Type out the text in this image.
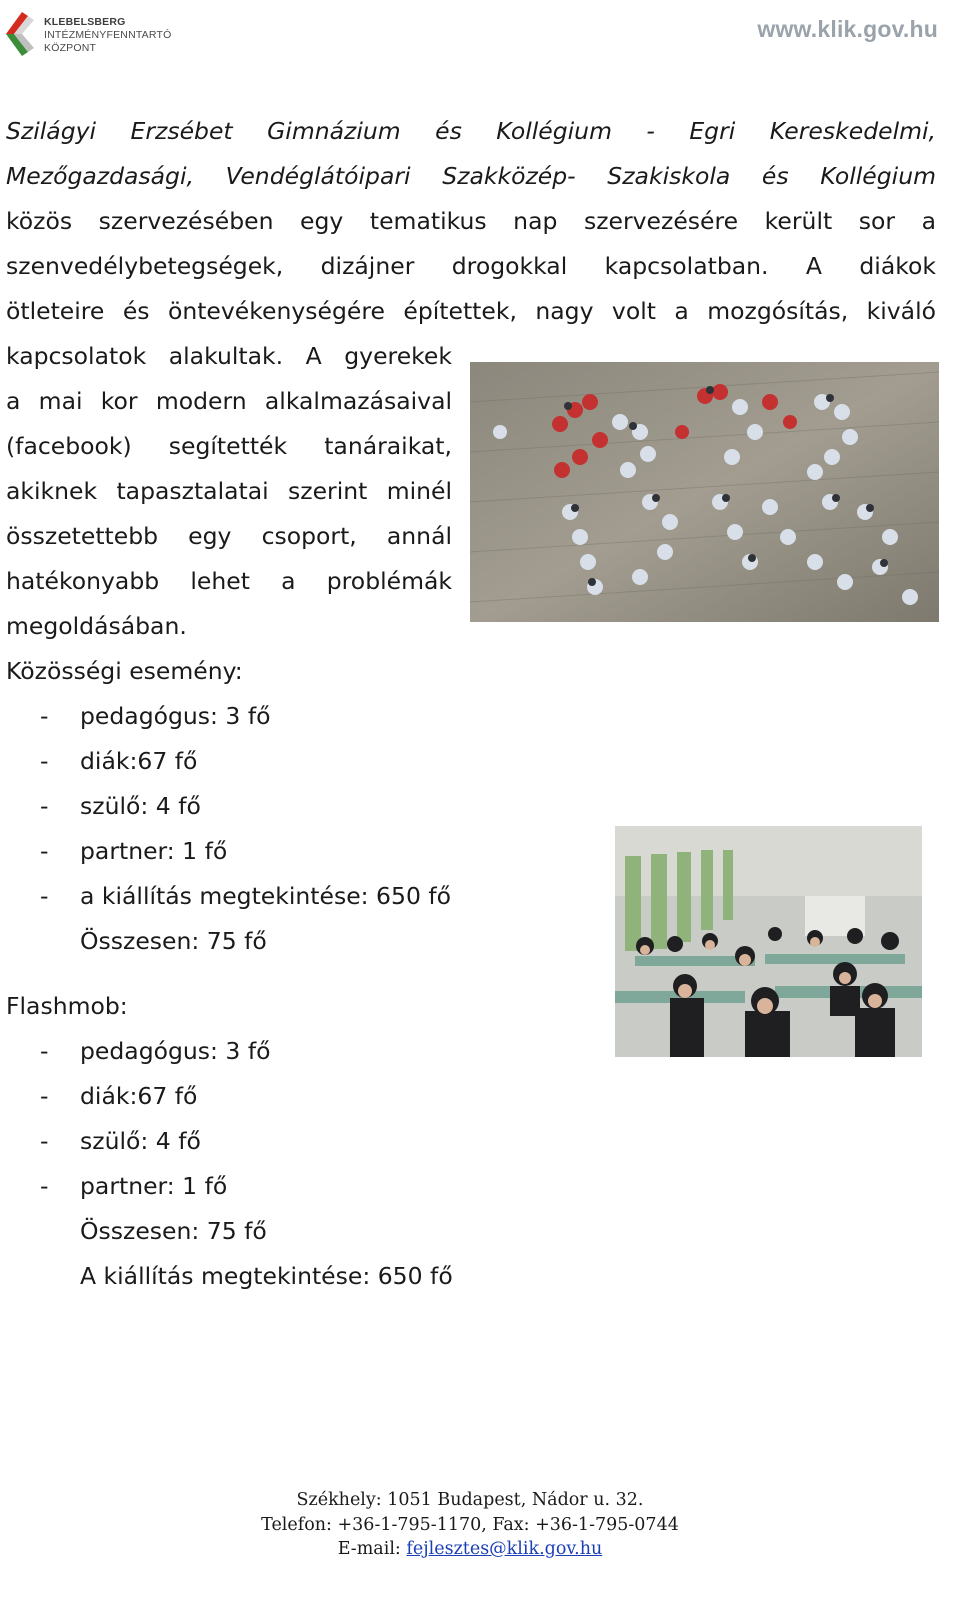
KLEBELSBERG
INTÉZMÉNYFENNTARTÓ
KÖZPONT
www.klik.gov.hu
Szilágyi Erzsébet Gimnázium és Kollégium - Egri Kereskedelmi,
Mezőgazdasági, Vendéglátóipari Szakközép- Szakiskola és Kollégium
közös szervezésében egy tematikus nap szervezésére került sor a
szenvedélybetegségek, dizájner drogokkal kapcsolatban. A diákok
ötleteire és öntevékenységére építettek, nagy volt a mozgósítás, kiváló
kapcsolatok alakultak. A gyerekek
a mai kor modern alkalmazásaival
(facebook) segítették tanáraikat,
akiknek tapasztalatai szerint minél
összetettebb egy csoport, annál
hatékonyabb lehet a problémák
megoldásában.
Közösségi esemény:
- pedagógus: 3 fő
- diák:67 fő
- szülő: 4 fő
- partner: 1 fő
- a kiállítás megtekintése: 650 fő
Összesen: 75 fő
Flashmob:
- pedagógus: 3 fő
- diák:67 fő
- szülő: 4 fő
- partner: 1 fő
Összesen: 75 fő
A kiállítás megtekintése: 650 fő
Székhely: 1051 Budapest, Nádor u. 32.
Telefon: +36-1-795-1170, Fax: +36-1-795-0744
E-mail: fejlesztes@klik.gov.hu
